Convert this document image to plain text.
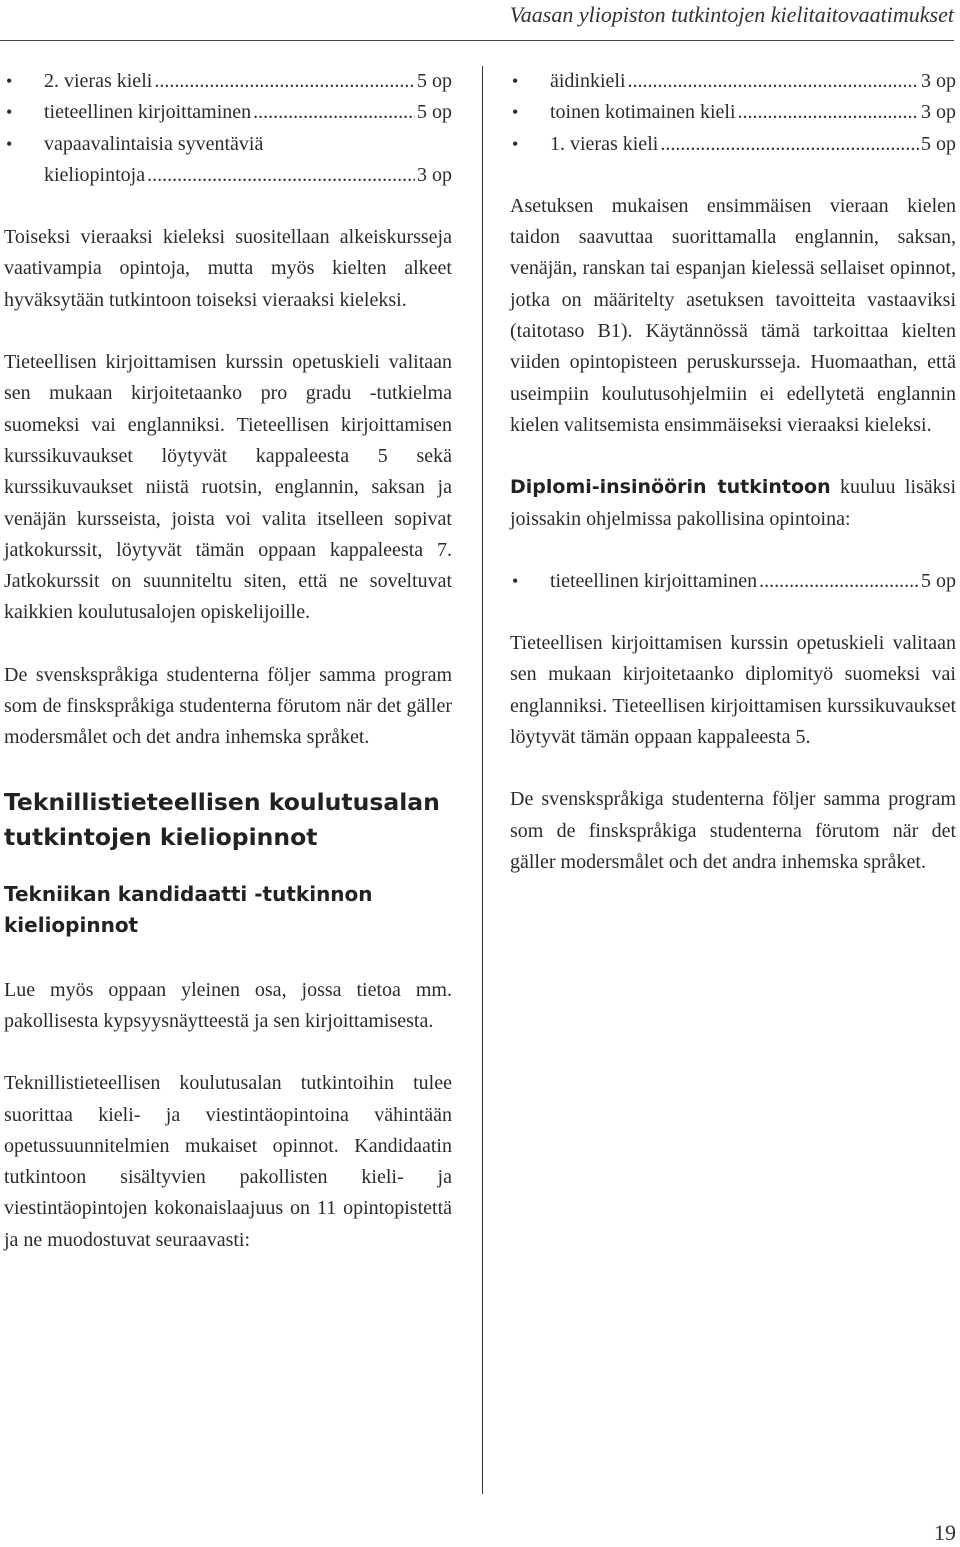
Vaasan yliopiston tutkintojen kielitaitovaatimukset
• 2. vieras kieli .....	5 op
• tieteellinen kirjoittaminen .....	5 op
• vapaavalintaisia syventäviä
kieliopintoja .....	3 op

Toiseksi vieraaksi kieleksi suositellaan alkeiskursseja vaativampia opintoja, mutta myös kielten alkeet hyväksytään tutkintoon toiseksi vieraaksi kieleksi.

Tieteellisen kirjoittamisen kurssin opetuskieli valitaan sen mukaan kirjoitetaanko pro gradu -tutkielma suomeksi vai englanniksi. Tieteellisen kirjoittamisen kurssikuvaukset löytyvät kappaleesta 5 sekä kurssikuvaukset niistä ruotsin, englannin, saksan ja venäjän kursseista, joista voi valita itselleen sopivat jatkokurssit, löytyvät tämän oppaan kappaleesta 7. Jatkokurssit on suunniteltu siten, että ne soveltuvat kaikkien koulutusalojen opiskelijoille.

De svenskspråkiga studenterna följer samma program som de finskspråkiga studenterna förutom när det gäller modersmålet och det andra inhemska språket.

Teknillistieteellisen koulutusalan tutkintojen kieliopinnot
Tekniikan kandidaatti -tutkinnon kieliopinnot

Lue myös oppaan yleinen osa, jossa tietoa mm. pakollisesta kypsyysnäytteestä ja sen kirjoittamisesta.

Teknillistieteellisen koulutusalan tutkintoihin tulee suorittaa kieli- ja viestintäopintoina vähintään opetussuunnitelmien mukaiset opinnot. Kandidaatin tutkintoon sisältyvien pakollisten kieli- ja viestintäopintojen kokonaislaajuus on 11 opintopistettä ja ne muodostuvat seuraavasti:

• äidinkieli .....	3 op
• toinen kotimainen kieli .....	3 op
• 1. vieras kieli .....	5 op

Asetuksen mukaisen ensimmäisen vieraan kielen taidon saavuttaa suorittamalla englannin, saksan, venäjän, ranskan tai espanjan kielessä sellaiset opinnot, jotka on määritelty asetuksen tavoitteita vastaaviksi (taitotaso B1). Käytännössä tämä tarkoittaa kielten viiden opintopisteen peruskursseja. Huomaathan, että useimpiin koulutusohjelmiin ei edellytetä englannin kielen valitsemista ensimmäiseksi vieraaksi kieleksi.

Diplomi-insinöörin tutkintoon kuuluu lisäksi joissakin ohjelmissa pakollisina opintoina:

• tieteellinen kirjoittaminen .....	5 op

Tieteellisen kirjoittamisen kurssin opetuskieli valitaan sen mukaan kirjoitetaanko diplomityö suomeksi vai englanniksi. Tieteellisen kirjoittamisen kurssikuvaukset löytyvät tämän oppaan kappaleesta 5.

De svenskspråkiga studenterna följer samma program som de finskspråkiga studenterna förutom när det gäller modersmålet och det andra inhemska språket.

19
